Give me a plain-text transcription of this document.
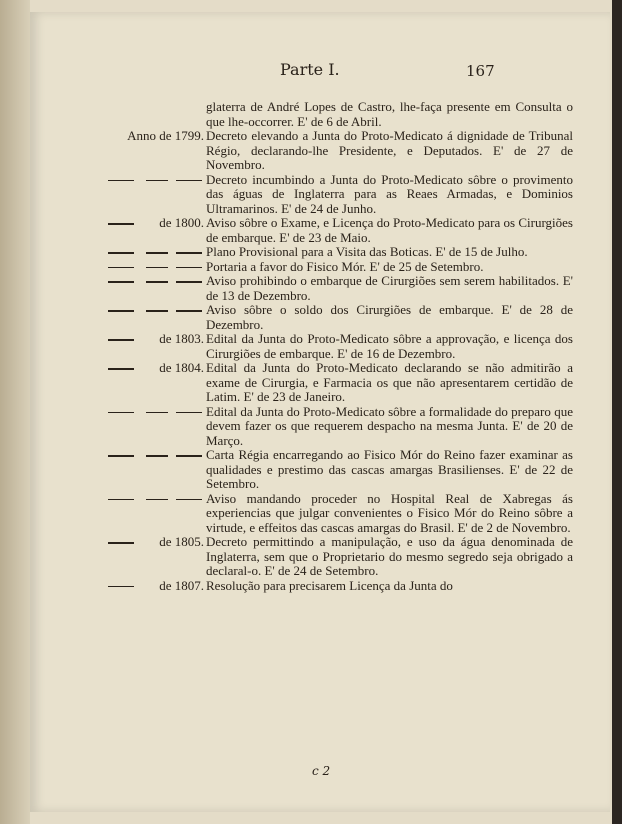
Parte I.	167
glaterra de André Lopes de Castro, lhe-faça presente em Consulta o que lhe-occorrer. E' de 6 de Abril.
Anno de 1799. Decreto elevando a Junta do Proto-Medicato á dignidade de Tribunal Régio, declarando-lhe Presidente, e Deputados. E' de 27 de Novembro.
Decreto incumbindo a Junta do Proto-Medicato sôbre o provimento das águas de Inglaterra para as Reaes Armadas, e Dominios Ultramarinos. E' de 24 de Junho.
de 1800. Aviso sôbre o Exame, e Licença do Proto-Medicato para os Cirurgiões de embarque. E' de 23 de Maio.
Plano Provisional para a Visita das Boticas. E' de 15 de Julho.
Portaria a favor do Fisico Mór. E' de 25 de Setembro.
Aviso prohibindo o embarque de Cirurgiões sem serem habilitados. E' de 13 de Dezembro.
Aviso sôbre o soldo dos Cirurgiões de embarque. E' de 28 de Dezembro.
de 1803. Edital da Junta do Proto-Medicato sôbre a approvação, e licença dos Cirurgiões de embarque. E' de 16 de Dezembro.
de 1804. Edital da Junta do Proto-Medicato declarando se não admitirão a exame de Cirurgia, e Farmacia os que não apresentarem certidão de Latim. E' de 23 de Janeiro.
Edital da Junta do Proto-Medicato sôbre a formalidade do preparo que devem fazer os que requerem despacho na mesma Junta. E' de 20 de Março.
Carta Régia encarregando ao Fisico Mór do Reino fazer examinar as qualidades e prestimo das cascas amargas Brasilienses. E' de 22 de Setembro.
Aviso mandando proceder no Hospital Real de Xabregas ás experiencias que julgar convenientes o Fisico Mór do Reino sôbre a virtude, e effeitos das cascas amargas do Brasil. E' de 2 de Novembro.
de 1805. Decreto permittindo a manipulação, e uso da água denominada de Inglaterra, sem que o Proprietario do mesmo segredo seja obrigado a declaral-o. E' de 24 de Setembro.
de 1807. Resolução para precisarem Licença da Junta do
c 2
